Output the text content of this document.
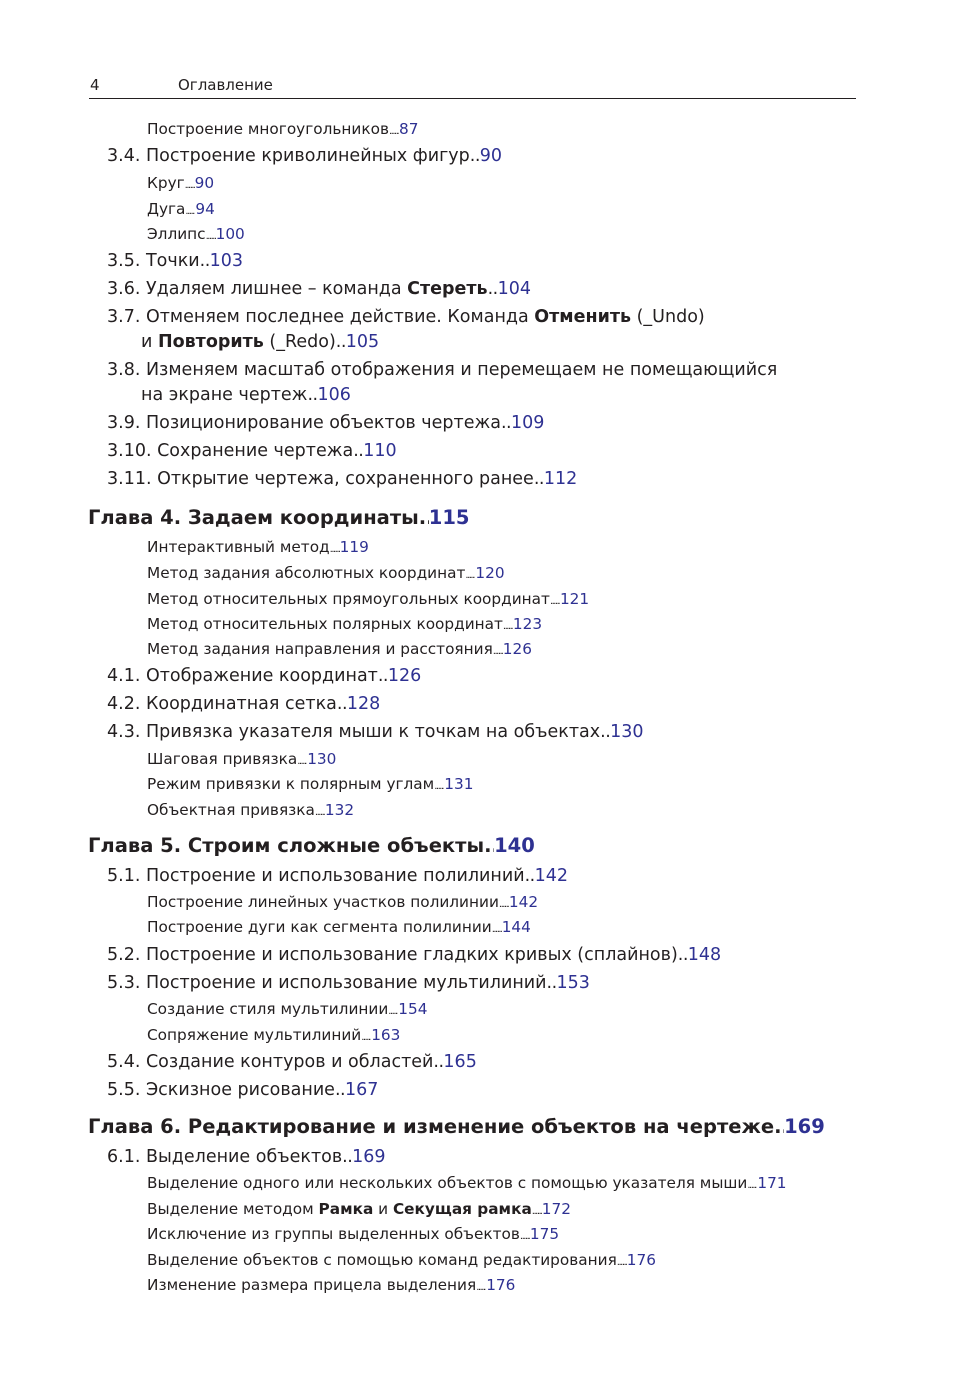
4	Оглавление
Построение многоугольников ..... 87
3.4. Построение криволинейных фигур ..... 90
Круг ..... 90
Дуга ..... 94
Эллипс ..... 100
3.5. Точки ..... 103
3.6. Удаляем лишнее – команда Стереть ..... 104
3.7. Отменяем последнее действие. Команда Отменить (_Undo)
и Повторить (_Redo) ..... 105
3.8. Изменяем масштаб отображения и перемещаем не помещающийся
на экране чертеж ..... 106
3.9. Позиционирование объектов чертежа ..... 109
3.10. Сохранение чертежа ..... 110
3.11. Открытие чертежа, сохраненного ранее ..... 112
Глава 4. Задаем координаты ..... 115
Интерактивный метод ..... 119
Метод задания абсолютных координат ..... 120
Метод относительных прямоугольных координат ..... 121
Метод относительных полярных координат ..... 123
Метод задания направления и расстояния ..... 126
4.1. Отображение координат ..... 126
4.2. Координатная сетка ..... 128
4.3. Привязка указателя мыши к точкам на объектах ..... 130
Шаговая привязка ..... 130
Режим привязки к полярным углам ..... 131
Объектная привязка ..... 132
Глава 5. Строим сложные объекты ..... 140
5.1. Построение и использование полилиний ..... 142
Построение линейных участков полилинии ..... 142
Построение дуги как сегмента полилинии ..... 144
5.2. Построение и использование гладких кривых (сплайнов) ..... 148
5.3. Построение и использование мультилиний ..... 153
Создание стиля мультилинии ..... 154
Сопряжение мультилиний ..... 163
5.4. Создание контуров и областей ..... 165
5.5. Эскизное рисование ..... 167
Глава 6. Редактирование и изменение объектов на чертеже ..... 169
6.1. Выделение объектов ..... 169
Выделение одного или нескольких объектов с помощью указателя мыши ..... 171
Выделение методом Рамка и Секущая рамка ..... 172
Исключение из группы выделенных объектов ..... 175
Выделение объектов с помощью команд редактирования ..... 176
Изменение размера прицела выделения ..... 176
